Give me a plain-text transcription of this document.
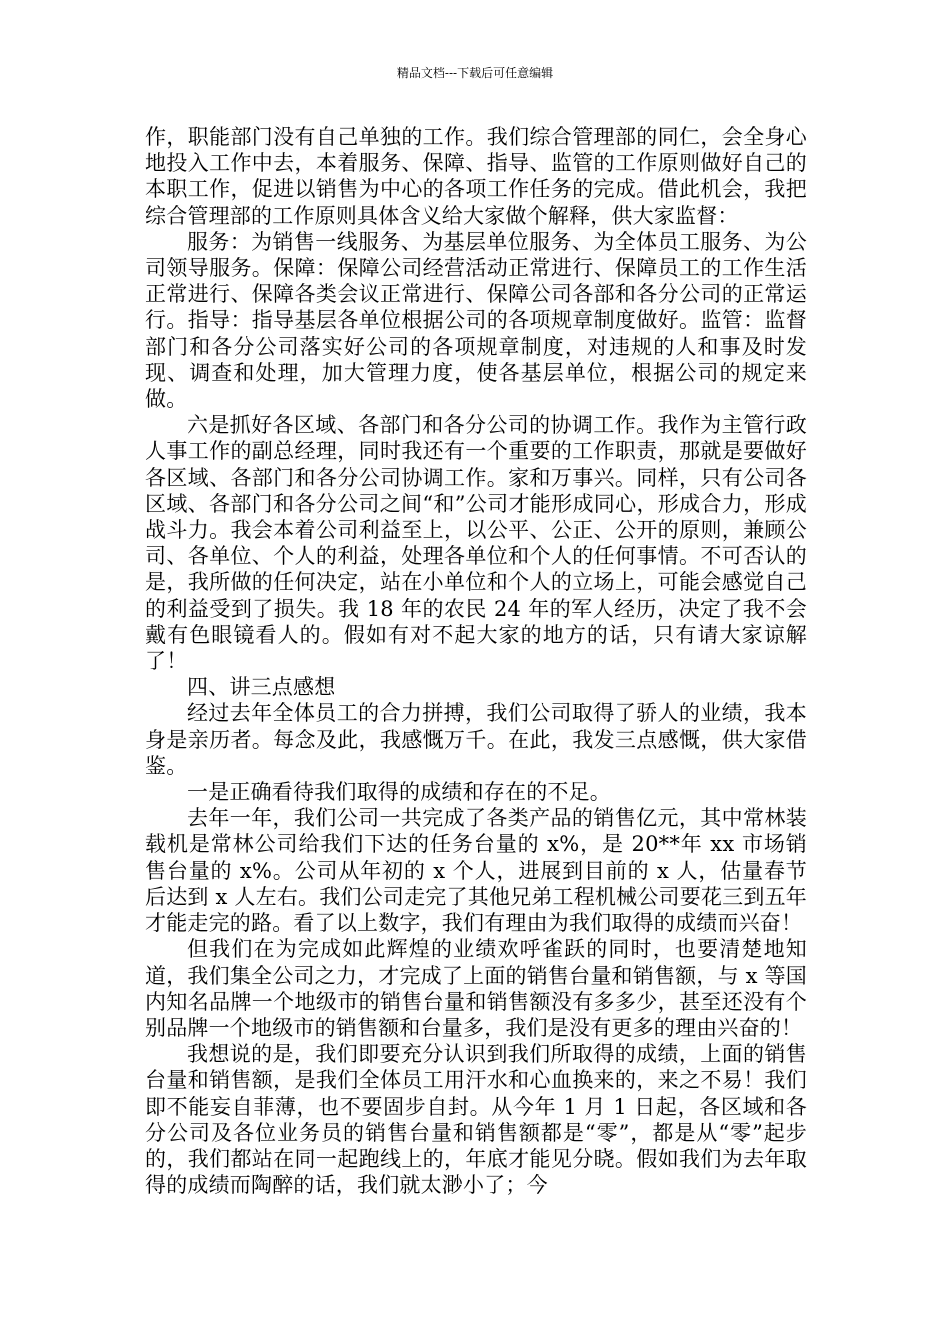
精品文档---下载后可任意编辑

作，职能部门没有自己单独的工作。我们综合管理部的同仁，会全身心地投入工作中去，本着服务、保障、指导、监管的工作原则做好自己的本职工作，促进以销售为中心的各项工作任务的完成。借此机会，我把综合管理部的工作原则具体含义给大家做个解释，供大家监督：

服务：为销售一线服务、为基层单位服务、为全体员工服务、为公司领导服务。保障：保障公司经营活动正常进行、保障员工的工作生活正常进行、保障各类会议正常进行、保障公司各部和各分公司的正常运行。指导：指导基层各单位根据公司的各项规章制度做好。监管：监督部门和各分公司落实好公司的各项规章制度，对违规的人和事及时发现、调查和处理，加大管理力度，使各基层单位，根据公司的规定来做。

六是抓好各区域、各部门和各分公司的协调工作。我作为主管行政人事工作的副总经理，同时我还有一个重要的工作职责，那就是要做好各区域、各部门和各分公司协调工作。家和万事兴。同样，只有公司各区域、各部门和各分公司之间“和”公司才能形成同心，形成合力，形成战斗力。我会本着公司利益至上，以公平、公正、公开的原则，兼顾公司、各单位、个人的利益，处理各单位和个人的任何事情。不可否认的是，我所做的任何决定，站在小单位和个人的立场上，可能会感觉自己的利益受到了损失。我 18 年的农民 24 年的军人经历，决定了我不会戴有色眼镜看人的。假如有对不起大家的地方的话，只有请大家谅解了！

四、讲三点感想

经过去年全体员工的合力拼搏，我们公司取得了骄人的业绩，我本身是亲历者。每念及此，我感慨万千。在此，我发三点感慨，供大家借鉴。

一是正确看待我们取得的成绩和存在的不足。

去年一年，我们公司一共完成了各类产品的销售亿元，其中常林装载机是常林公司给我们下达的任务台量的 x%，是 20**年 xx 市场销售台量的 x%。公司从年初的 x 个人，进展到目前的 x 人，估量春节后达到 x 人左右。我们公司走完了其他兄弟工程机械公司要花三到五年才能走完的路。看了以上数字，我们有理由为我们取得的成绩而兴奋！

但我们在为完成如此辉煌的业绩欢呼雀跃的同时，也要清楚地知道，我们集全公司之力，才完成了上面的销售台量和销售额，与 x 等国内知名品牌一个地级市的销售台量和销售额没有多多少，甚至还没有个别品牌一个地级市的销售额和台量多，我们是没有更多的理由兴奋的！

我想说的是，我们即要充分认识到我们所取得的成绩，上面的销售台量和销售额，是我们全体员工用汗水和心血换来的，来之不易！我们即不能妄自菲薄，也不要固步自封。从今年 1 月 1 日起，各区域和各分公司及各位业务员的销售台量和销售额都是“零”，都是从“零”起步的，我们都站在同一起跑线上的，年底才能见分晓。假如我们为去年取得的成绩而陶醉的话，我们就太渺小了；今
